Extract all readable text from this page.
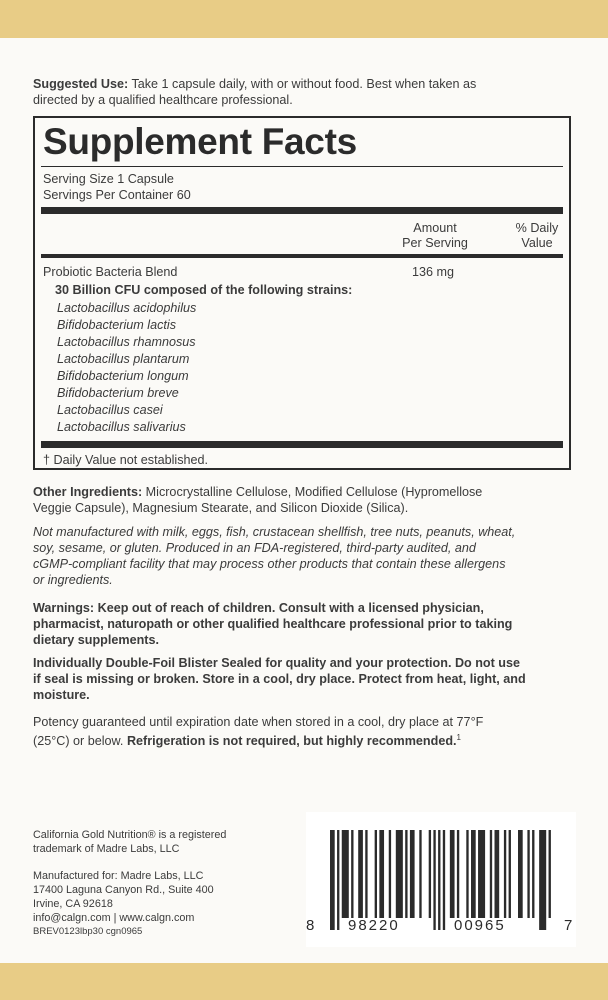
Suggested Use: Take 1 capsule daily, with or without food. Best when taken as
directed by a qualified healthcare professional.
Supplement Facts
Serving Size 1 Capsule
Servings Per Container 60
Amount
Per Serving
% Daily
Value
Probiotic Bacteria Blend	136 mg
30 Billion CFU composed of the following strains:
Lactobacillus acidophilus
Bifidobacterium lactis
Lactobacillus rhamnosus
Lactobacillus plantarum
Bifidobacterium longum
Bifidobacterium breve
Lactobacillus casei
Lactobacillus salivarius
† Daily Value not established.
Other Ingredients: Microcrystalline Cellulose, Modified Cellulose (Hypromellose
Veggie Capsule), Magnesium Stearate, and Silicon Dioxide (Silica).
Not manufactured with milk, eggs, fish, crustacean shellfish, tree nuts, peanuts, wheat,
soy, sesame, or gluten. Produced in an FDA-registered, third-party audited, and
cGMP-compliant facility that may process other products that contain these allergens
or ingredients.
Warnings: Keep out of reach of children. Consult with a licensed physician,
pharmacist, naturopath or other qualified healthcare professional prior to taking
dietary supplements.
Individually Double-Foil Blister Sealed for quality and your protection. Do not use
if seal is missing or broken. Store in a cool, dry place. Protect from heat, light, and
moisture.
Potency guaranteed until expiration date when stored in a cool, dry place at 77°F
(25°C) or below. Refrigeration is not required, but highly recommended.$^1$
California Gold Nutrition® is a registered
trademark of Madre Labs, LLC
Manufactured for: Madre Labs, LLC
17400 Laguna Canyon Rd., Suite 400
Irvine, CA 92618
info@calgn.com | www.calgn.com
BREV0123lbp30 cgn0965	8 98220	00965	7
